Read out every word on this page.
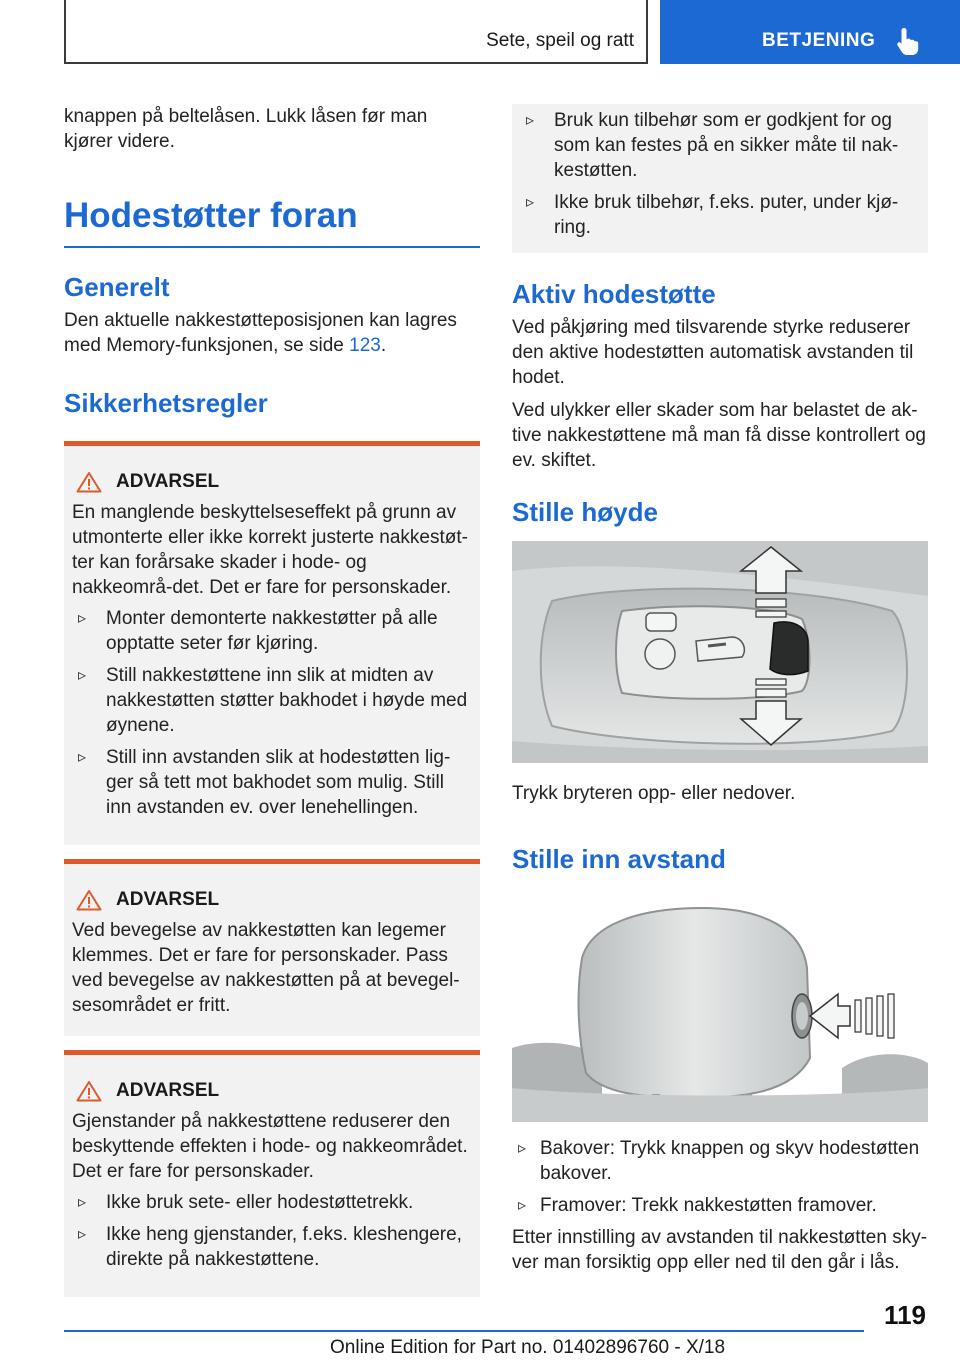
Sete, speil og ratt	BETJENING

knappen på beltelåsen. Lukk låsen før man kjører videre.

Hodestøtter foran
Generelt

Den aktuelle nakkestøtteposisjonen kan lagres med Memory-funksjonen, se side 123.

Sikkerhetsregler
ADVARSEL

En manglende beskyttelseseffekt på grunn av utmonterte eller ikke korrekt justerte nakkestøt-ter kan forårsake skader i hode- og nakkeområ-det. Det er fare for personskader.

▹ Monter demonterte nakkestøtter på alle opptatte seter før kjøring.
▹ Still nakkestøttene inn slik at midten av nakkestøtten støtter bakhodet i høyde med øynene.
▹ Still inn avstanden slik at hodestøtten lig-ger så tett mot bakhodet som mulig. Still inn avstanden ev. over lenehellingen.
ADVARSEL

Ved bevegelse av nakkestøtten kan legemer klemmes. Det er fare for personskader. Pass ved bevegelse av nakkestøtten på at bevegel-sesområdet er fritt.

ADVARSEL

Gjenstander på nakkestøttene reduserer den beskyttende effekten i hode- og nakkeområdet. Det er fare for personskader.

▹ Ikke bruk sete- eller hodestøttetrekk.
▹ Ikke heng gjenstander, f.eks. kleshengere, direkte på nakkestøttene.
▹ Bruk kun tilbehør som er godkjent for og som kan festes på en sikker måte til nak-kestøtten.
▹ Ikke bruk tilbehør, f.eks. puter, under kjø-ring.
Aktiv hodestøtte

Ved påkjøring med tilsvarende styrke reduserer den aktive hodestøtten automatisk avstanden til hodet.

Ved ulykker eller skader som har belastet de ak-tive nakkestøttene må man få disse kontrollert og ev. skiftet.

Stille høyde

Trykk bryteren opp- eller nedover.

Stille inn avstand
▹ Bakover: Trykk knappen og skyv hodestøtten bakover.
▹ Framover: Trekk nakkestøtten framover.

Etter innstilling av avstanden til nakkestøtten sky-ver man forsiktig opp eller ned til den går i lås.

119
Online Edition for Part no. 01402896760 - X/18
